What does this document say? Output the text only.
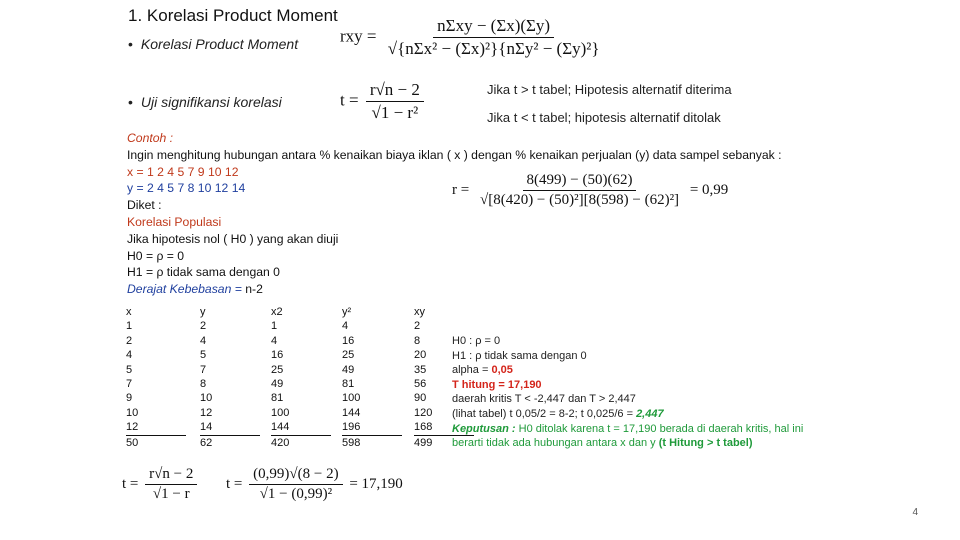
1. Korelasi Product Moment
• Korelasi Product Moment
• Uji signifikansi korelasi
rxy = $\frac{\text{nΣxy − (Σx)(Σy)}}{\text{√\{nΣx² − (Σx)²\}\{nΣy² − (Σy)²\}}}$
$t = \frac{r√n - 2}{\text{√1 − r²}}$	Jika t > t tabel; Hipotesis alternatif diterima
Jika t < t tabel; hipotesis alternatif ditolak
Contoh :
Ingin menghitung hubungan antara % kenaikan biaya iklan ( x ) dengan % kenaikan perjualan (y) data sampel sebanyak :
x = 1 2 4 5 7 9 10 12
y = 2 4 5 7 8 10 12 14
Diket :
Korelasi Populasi
Jika hipotesis nol ( H0 ) yang akan diuji
H0 = ρ = 0
H1 = ρ tidak sama dengan 0
Derajat Kebebasan = n-2
$r = \frac{8(499) - (50)(62)}{\text{√[8(420) − (50)²][8(598) − (62)²]}} = 0,99$
x
1
2
4
5
7
9
10
12
50
y
2
4
5
7
8
10
12
14
62
x2
1
4
16
25
49
81
100
144
420
y²
4
16
25
49
81
100
144
196
598
xy
2
8
20
35
56
90
120
168
499
H0 : ρ = 0
H1 : ρ tidak sama dengan 0
alpha = 0,05
T hitung = 17,190
daerah kritis T < -2,447 dan T > 2,447
(lihat tabel) t 0,05/2 = 8-2; t 0,025/6 = 2,447
Keputusan : H0 ditolak karena t = 17,190 berada di daerah kritis, hal ini
berarti tidak ada hubungan antara x dan y (t Hitung > t tabel)
$t = \frac{r√n - 2}{√1 - r}$ $t = \frac{(0,99)√(8 - 2)}{\text{√1 − (0,99)²}} = 17,190$
4
